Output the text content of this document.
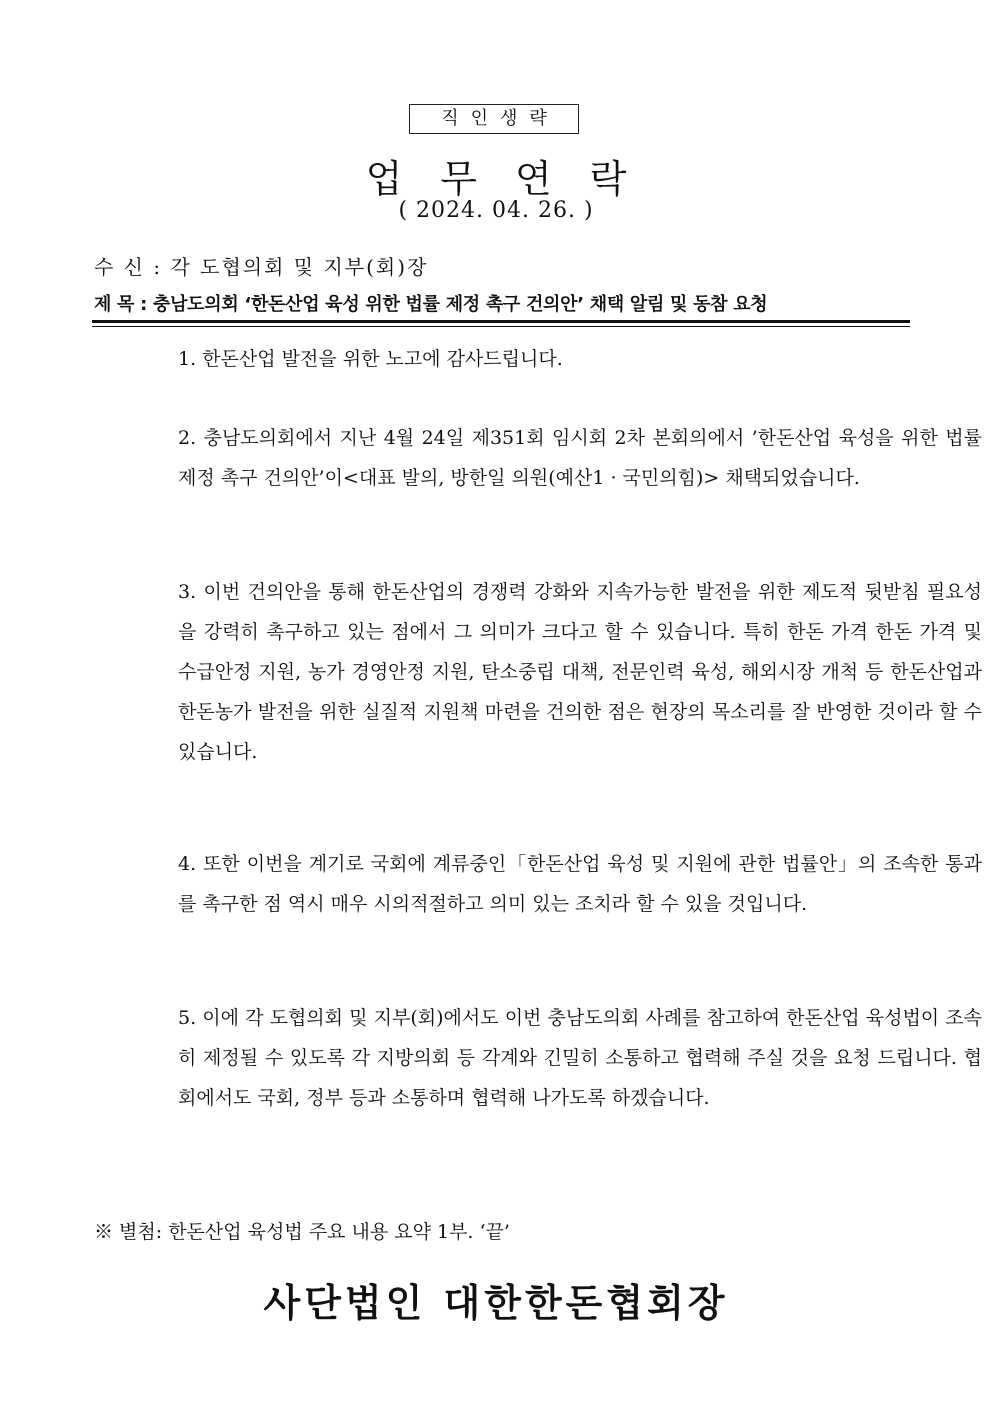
직인생략
업무연락
( 2024. 04. 26. )
수 신 : 각 도협의회 및 지부(회)장
제 목 : 충남도의회 ‘한돈산업 육성 위한 법률 제정 촉구 건의안’ 채택 알림 및 동참 요청
1. 한돈산업 발전을 위한 노고에 감사드립니다.
2. 충남도의회에서 지난 4월 24일 제351회 임시회 2차 본회의에서 ’한돈산업 육성을 위한 법률 제정 촉구 건의안’이<대표 발의, 방한일 의원(예산1 · 국민의힘)> 채택되었습니다.
3. 이번 건의안을 통해 한돈산업의 경쟁력 강화와 지속가능한 발전을 위한 제도적 뒷받침 필요성을 강력히 촉구하고 있는 점에서 그 의미가 크다고 할 수 있습니다. 특히 한돈 가격 한돈 가격 및 수급안정 지원, 농가 경영안정 지원, 탄소중립 대책, 전문인력 육성, 해외시장 개척 등 한돈산업과 한돈농가 발전을 위한 실질적 지원책 마련을 건의한 점은 현장의 목소리를 잘 반영한 것이라 할 수 있습니다.
4. 또한 이번을 계기로 국회에 계류중인「한돈산업 육성 및 지원에 관한 법률안」의 조속한 통과를 촉구한 점 역시 매우 시의적절하고 의미 있는 조치라 할 수 있을 것입니다.
5. 이에 각 도협의회 및 지부(회)에서도 이번 충남도의회 사례를 참고하여 한돈산업 육성법이 조속히 제정될 수 있도록 각 지방의회 등 각계와 긴밀히 소통하고 협력해 주실 것을 요청 드립니다. 협회에서도 국회, 정부 등과 소통하며 협력해 나가도록 하겠습니다.
※ 별첨: 한돈산업 육성법 주요 내용 요약 1부. ‘끝’
사단법인 대한한돈협회장
